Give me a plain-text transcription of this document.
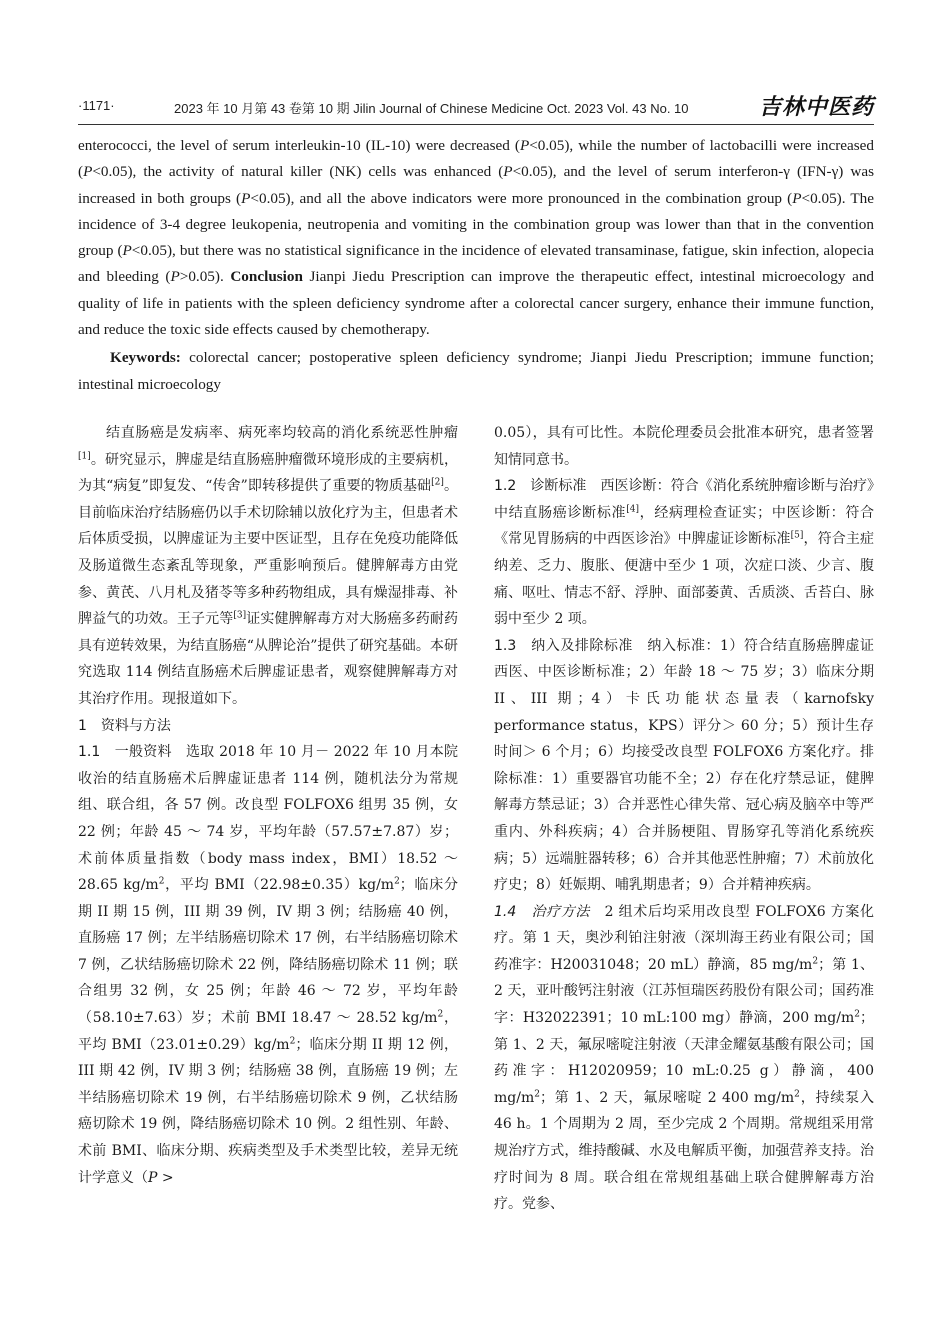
·1171·	2023 年 10 月第 43 卷第 10 期 Jilin Journal of Chinese Medicine Oct. 2023 Vol. 43 No. 10	吉林中医药

enterococci, the level of serum interleukin-10 (IL-10) were decreased (P<0.05), while the number of lactobacilli were increased (P<0.05), the activity of natural killer (NK) cells was enhanced (P<0.05), and the level of serum interferon-γ (IFN-γ) was increased in both groups (P<0.05), and all the above indicators were more pronounced in the combination group (P<0.05). The incidence of 3-4 degree leukopenia, neutropenia and vomiting in the combination group was lower than that in the convention group (P<0.05), but there was no statistical significance in the incidence of elevated transaminase, fatigue, skin infection, alopecia and bleeding (P>0.05). Conclusion Jianpi Jiedu Prescription can improve the therapeutic effect, intestinal microecology and quality of life in patients with the spleen deficiency syndrome after a colorectal cancer surgery, enhance their immune function, and reduce the toxic side effects caused by chemotherapy.

Keywords: colorectal cancer; postoperative spleen deficiency syndrome; Jianpi Jiedu Prescription; immune function; intestinal microecology

结直肠癌是发病率、病死率均较高的消化系统恶性肿瘤[1]。研究显示，脾虚是结直肠癌肿瘤微环境形成的主要病机，为其“病复”即复发、“传舍”即转移提供了重要的物质基础[2]。目前临床治疗结肠癌仍以手术切除辅以放化疗为主，但患者术后体质受损，以脾虚证为主要中医证型，且存在免疫功能降低及肠道微生态紊乱等现象，严重影响预后。健脾解毒方由党参、黄芪、八月札及猪苓等多种药物组成，具有燥湿排毒、补脾益气的功效。王子元等[3]证实健脾解毒方对大肠癌多药耐药具有逆转效果，为结直肠癌“从脾论治”提供了研究基础。本研究选取 114 例结直肠癌术后脾虚证患者，观察健脾解毒方对其治疗作用。现报道如下。

1　资料与方法

1.1　一般资料　选取 2018 年 10 月－ 2022 年 10 月本院收治的结直肠癌术后脾虚证患者 114 例，随机法分为常规组、联合组，各 57 例。改良型 FOLFOX6 组男 35 例，女 22 例；年龄 45 ～ 74 岁，平均年龄（57.57±7.87）岁；术前体质量指数（body mass index，BMI）18.52 ～ 28.65 $kg/m^2$，平均 $BMI(22.98\pm 0.35)kg/m^2$；临床分期 II 期 15 例，III 期 39 例，IV 期 3 例；结肠癌 40 例，直肠癌 17 例；左半结肠癌切除术 17 例，右半结肠癌切除术 7 例，乙状结肠癌切除术 22 例，降结肠癌切除术 11 例；联合组男 32 例，女 25 例；年龄 46 ～ 72 岁，平均年龄（58.10±7.63）岁；术前 BMI 18.47 ～ 28.52 $kg/m^2$，平均 $BMI(23.01\pm 0.29)kg/m^2$；临床分期 II 期 12 例，III 期 42 例，IV 期 3 例；结肠癌 38 例，直肠癌 19 例；左半结肠癌切除术 19 例，右半结肠癌切除术 9 例，乙状结肠癌切除术 19 例，降结肠癌切除术 10 例。2 组性别、年龄、术前 BMI、临床分期、疾病类型及手术类型比较，差异无统计学意义（P >

0.05），具有可比性。本院伦理委员会批准本研究，患者签署知情同意书。

1.2　诊断标准　西医诊断：符合《消化系统肿瘤诊断与治疗》中结直肠癌诊断标准[4]，经病理检查证实；中医诊断：符合《常见胃肠病的中西医诊治》中脾虚证诊断标准[5]，符合主症纳差、乏力、腹胀、便溏中至少 1 项，次症口淡、少言、腹痛、呕吐、情志不舒、浮肿、面部萎黄、舌质淡、舌苔白、脉弱中至少 2 项。

1.3　纳入及排除标准　纳入标准：1）符合结直肠癌脾虚证西医、中医诊断标准；2）年龄 18 ～ 75 岁；3）临床分期 II、III 期；4）卡氏功能状态量表（karnofsky performance status，KPS）评分＞ 60 分；5）预计生存时间＞ 6 个月；6）均接受改良型 FOLFOX6 方案化疗。排除标准：1）重要器官功能不全；2）存在化疗禁忌证，健脾解毒方禁忌证；3）合并恶性心律失常、冠心病及脑卒中等严重内、外科疾病；4）合并肠梗阻、胃肠穿孔等消化系统疾病；5）远端脏器转移；6）合并其他恶性肿瘤；7）术前放化疗史；8）妊娠期、哺乳期患者；9）合并精神疾病。

1.4　治疗方法　2 组术后均采用改良型 FOLFOX6 方案化疗。第 1 天，奥沙利铂注射液（深圳海王药业有限公司；国药准字：H20031048；20 mL）静滴，85 $mg/m^2$；第 1、2 天，亚叶酸钙注射液（江苏恒瑞医药股份有限公司；国药准字：H32022391；10 mL:100 mg）静滴，200 $mg/m^2$；第 1、2 天，氟尿嘧啶注射液（天津金耀氨基酸有限公司；国药准字：H12020959；10 mL:0.25 g）静滴，400 $mg/m^2$；第 1、2 天，氟尿嘧啶 2 400 $mg/m^2$，持续泵入 46 h。1 个周期为 2 周，至少完成 2 个周期。常规组采用常规治疗方式，维持酸碱、水及电解质平衡，加强营养支持。治疗时间为 8 周。联合组在常规组基础上联合健脾解毒方治疗。党参、
